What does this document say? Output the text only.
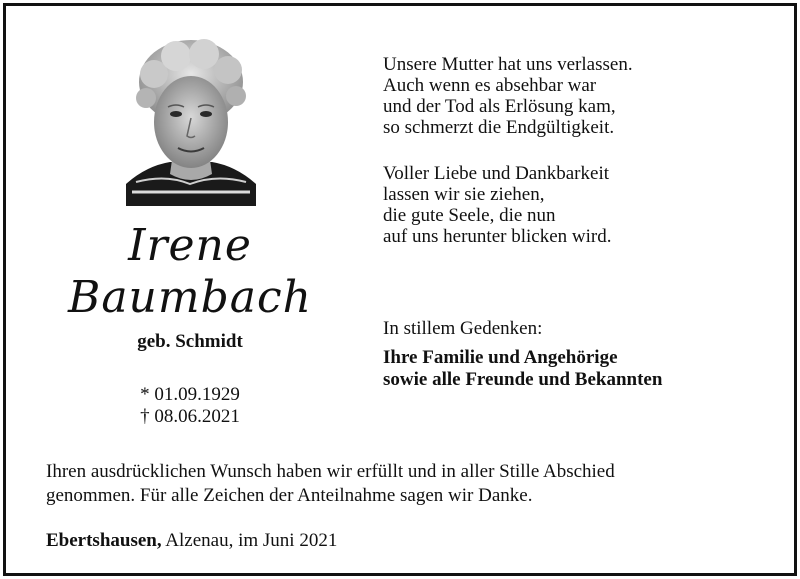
Irene
Baumbach
geb. Schmidt
* 01.09.1929
† 08.06.2021
Unsere Mutter hat uns verlassen.
Auch wenn es absehbar war
und der Tod als Erlösung kam,
so schmerzt die Endgültigkeit.
Voller Liebe und Dankbarkeit
lassen wir sie ziehen,
die gute Seele, die nun
auf uns herunter blicken wird.
In stillem Gedenken:
Ihre Familie und Angehörige
sowie alle Freunde und Bekannten
Ihren ausdrücklichen Wunsch haben wir erfüllt und in aller Stille Abschied
genommen. Für alle Zeichen der Anteilnahme sagen wir Danke.
Ebertshausen, Alzenau, im Juni 2021
